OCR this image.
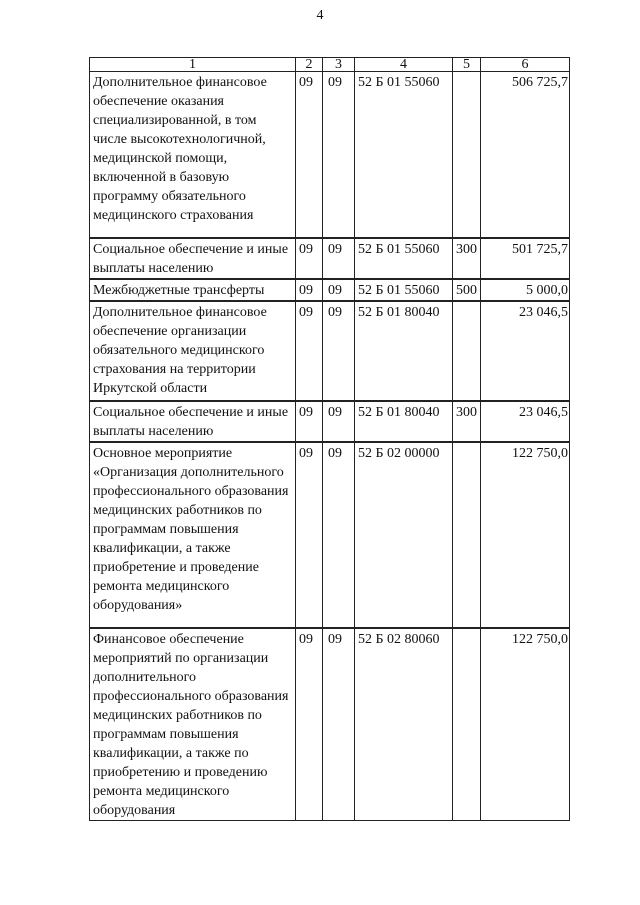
4
1	2	3	4	5	6
Дополнительное финансовое обеспечение оказания специализированной, в том числе высокотехнологичной, медицинской помощи, включенной в базовую программу обязательного медицинского страхования	09	09	52 Б 01 55060		506 725,7
Социальное обеспечение и иные выплаты населению	09	09	52 Б 01 55060	300	501 725,7
Межбюджетные трансферты	09	09	52 Б 01 55060	500	5 000,0
Дополнительное финансовое обеспечение организации обязательного медицинского страхования на территории Иркутской области	09	09	52 Б 01 80040		23 046,5
Социальное обеспечение и иные выплаты населению	09	09	52 Б 01 80040	300	23 046,5
Основное мероприятие «Организация дополнительного профессионального образования медицинских работников по программам повышения квалификации, а также приобретение и проведение ремонта медицинского оборудования»	09	09	52 Б 02 00000		122 750,0
Финансовое обеспечение мероприятий по организации дополнительного профессионального образования медицинских работников по программам повышения квалификации, а также по приобретению и проведению ремонта медицинского оборудования	09	09	52 Б 02 80060		122 750,0
